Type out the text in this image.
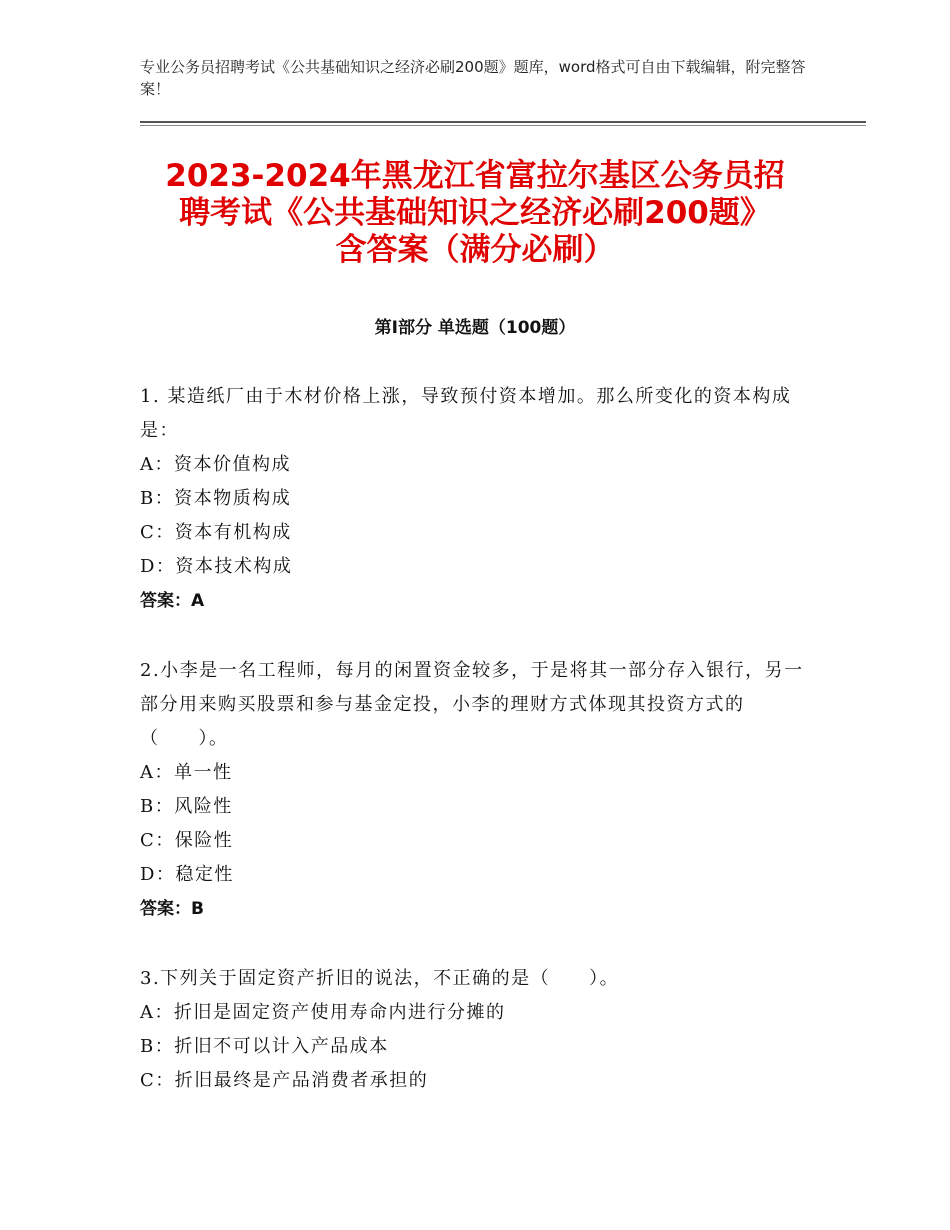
专业公务员招聘考试《公共基础知识之经济必刷200题》题库，word格式可自由下载编辑，附完整答案！
2023-2024年黑龙江省富拉尔基区公务员招
聘考试《公共基础知识之经济必刷200题》
含答案（满分必刷）
第I部分 单选题（100题）
1. 某造纸厂由于木材价格上涨，导致预付资本增加。那么所变化的资本构成是：
A：资本价值构成
B：资本物质构成
C：资本有机构成
D：资本技术构成
答案：A
2.小李是一名工程师，每月的闲置资金较多，于是将其一部分存入银行，另一部分用来购买股票和参与基金定投，小李的理财方式体现其投资方式的（　　）。
A：单一性
B：风险性
C：保险性
D：稳定性
答案：B
3.下列关于固定资产折旧的说法，不正确的是（　　）。
A：折旧是固定资产使用寿命内进行分摊的
B：折旧不可以计入产品成本
C：折旧最终是产品消费者承担的
